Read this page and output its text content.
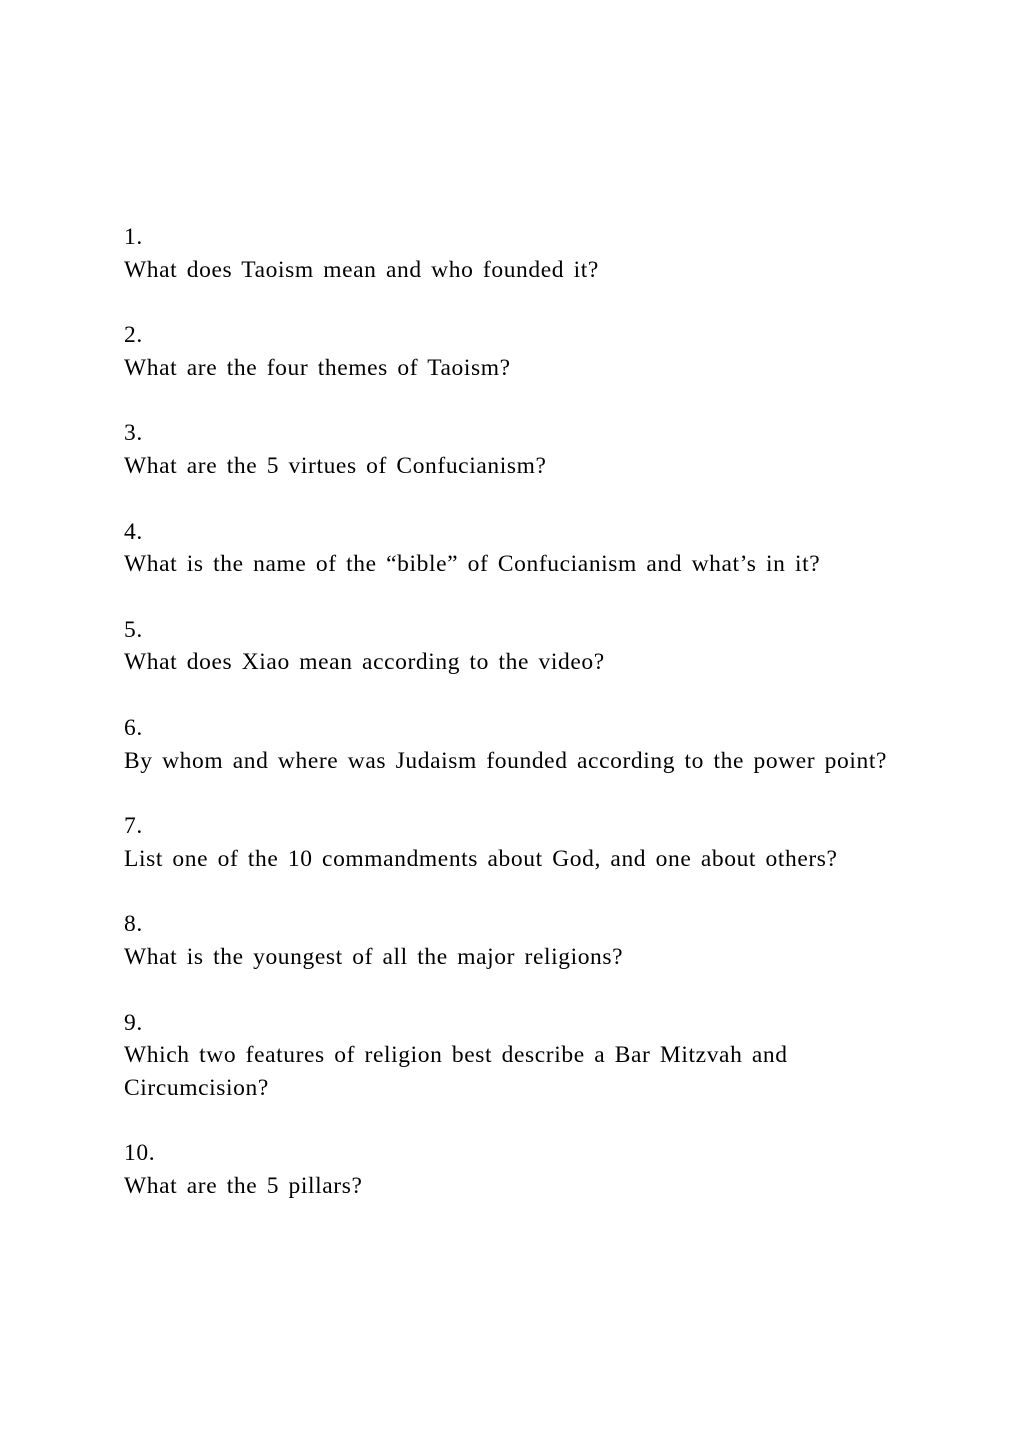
1.
What does Taoism mean and who founded it?
2.
What are the four themes of Taoism?
3.
What are the 5 virtues of Confucianism?
4.
What is the name of the “bible” of Confucianism and what’s in it?
5.
What does Xiao mean according to the video?
6.
By whom and where was Judaism founded according to the power point?
7.
List one of the 10 commandments about God, and one about others?
8.
What is the youngest of all the major religions?
9.
Which two features of religion best describe a Bar Mitzvah and Circumcision?
10.
What are the 5 pillars?
